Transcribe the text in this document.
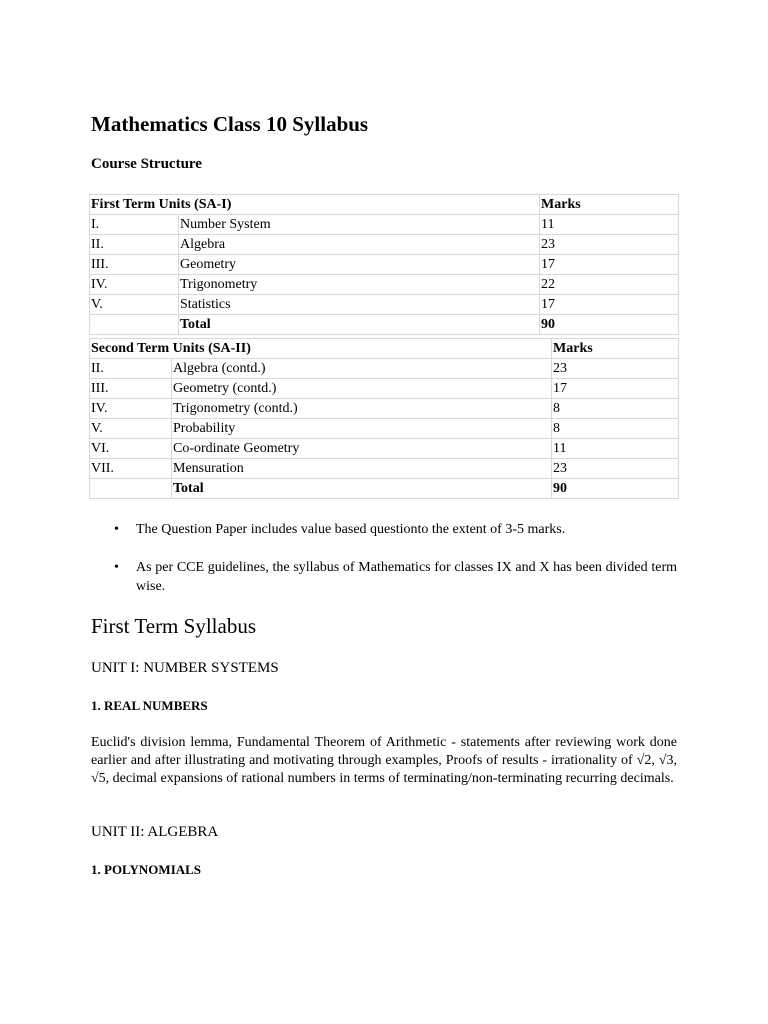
Mathematics Class 10 Syllabus
Course Structure
First Term Units (SA-I)		Marks
I.	Number System	11
II.	Algebra	23
III.	Geometry	17
IV.	Trigonometry	22
V.	Statistics	17
	Total	90
Second Term Units (SA-II)		Marks
II.	Algebra (contd.)	23
III.	Geometry (contd.)	17
IV.	Trigonometry (contd.)	8
V.	Probability	8
VI.	Co-ordinate Geometry	11
VII.	Mensuration	23
	Total	90
• The Question Paper includes value based questionto the extent of 3-5 marks.
• As per CCE guidelines, the syllabus of Mathematics for classes IX and X has been divided term wise.
First Term Syllabus
UNIT I: NUMBER SYSTEMS
1. REAL NUMBERS

Euclid's division lemma, Fundamental Theorem of Arithmetic - statements after reviewing work done earlier and after illustrating and motivating through examples, Proofs of results - irrationality of √2, √3, √5, decimal expansions of rational numbers in terms of terminating/non-terminating recurring decimals.

UNIT II: ALGEBRA
1. POLYNOMIALS
